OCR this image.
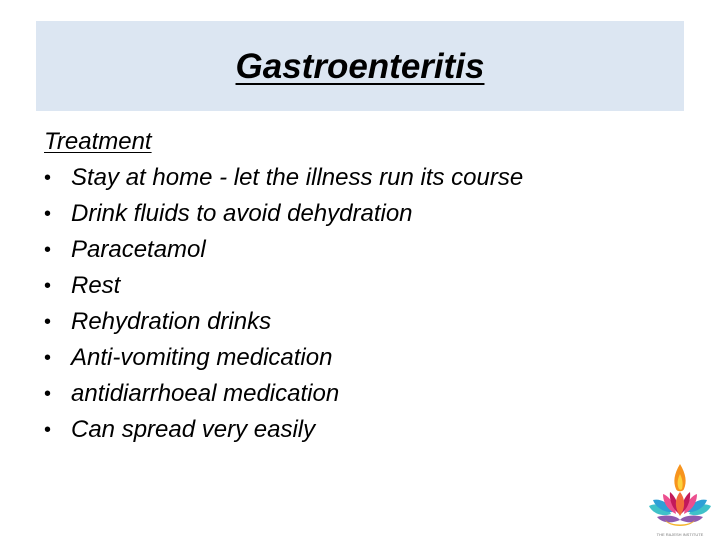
Gastroenteritis
Treatment
• Stay at home - let the illness run its course
• Drink fluids to avoid dehydration
• Paracetamol
• Rest
• Rehydration drinks
• Anti-vomiting medication
• antidiarrhoeal medication
• Can spread very easily
THE RAJESH INSTITUTE
